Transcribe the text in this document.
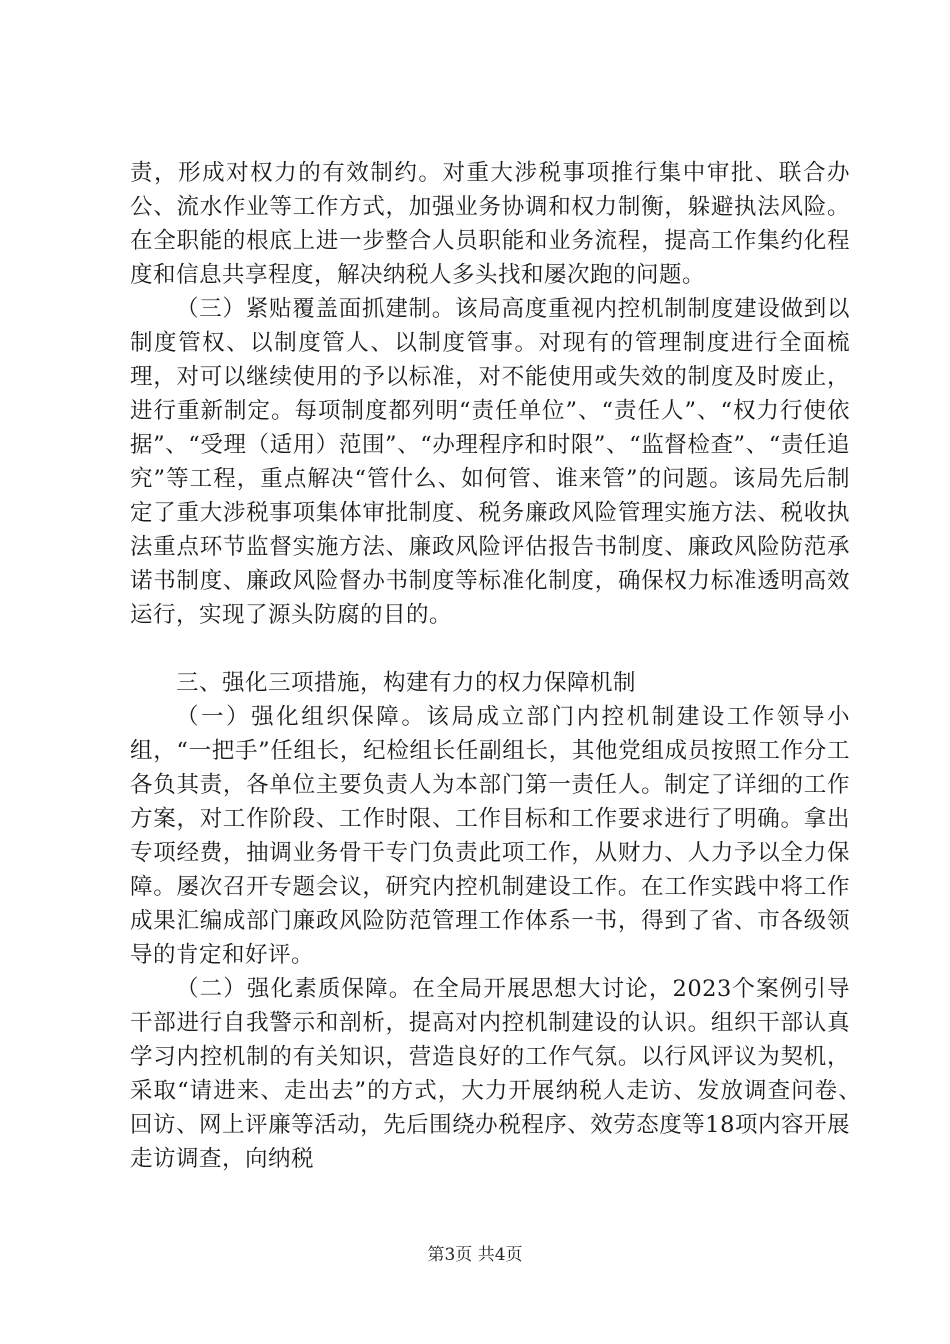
责，形成对权力的有效制约。对重大涉税事项推行集中审批、联合办公、流水作业等工作方式，加强业务协调和权力制衡，躲避执法风险。在全职能的根底上进一步整合人员职能和业务流程，提高工作集约化程度和信息共享程度，解决纳税人多头找和屡次跑的问题。

（三）紧贴覆盖面抓建制。该局高度重视内控机制制度建设做到以制度管权、以制度管人、以制度管事。对现有的管理制度进行全面梳理，对可以继续使用的予以标准，对不能使用或失效的制度及时废止，进行重新制定。每项制度都列明“责任单位”、“责任人”、“权力行使依据”、“受理（适用）范围”、“办理程序和时限”、“监督检查”、“责任追究”等工程，重点解决“管什么、如何管、谁来管”的问题。该局先后制定了重大涉税事项集体审批制度、税务廉政风险管理实施方法、税收执法重点环节监督实施方法、廉政风险评估报告书制度、廉政风险防范承诺书制度、廉政风险督办书制度等标准化制度，确保权力标准透明高效运行，实现了源头防腐的目的。

三、强化三项措施，构建有力的权力保障机制

（一）强化组织保障。该局成立部门内控机制建设工作领导小组，“一把手”任组长，纪检组长任副组长，其他党组成员按照工作分工各负其责，各单位主要负责人为本部门第一责任人。制定了详细的工作方案，对工作阶段、工作时限、工作目标和工作要求进行了明确。拿出专项经费，抽调业务骨干专门负责此项工作，从财力、人力予以全力保障。屡次召开专题会议，研究内控机制建设工作。在工作实践中将工作成果汇编成部门廉政风险防范管理工作体系一书，得到了省、市各级领导的肯定和好评。

（二）强化素质保障。在全局开展思想大讨论，2023个案例引导干部进行自我警示和剖析，提高对内控机制建设的认识。组织干部认真学习内控机制的有关知识，营造良好的工作气氛。以行风评议为契机，采取“请进来、走出去”的方式，大力开展纳税人走访、发放调查问卷、　　回访、网上评廉等活动，先后围绕办税程序、效劳态度等18项内容开展走访调查，向纳税

第3页 共4页
